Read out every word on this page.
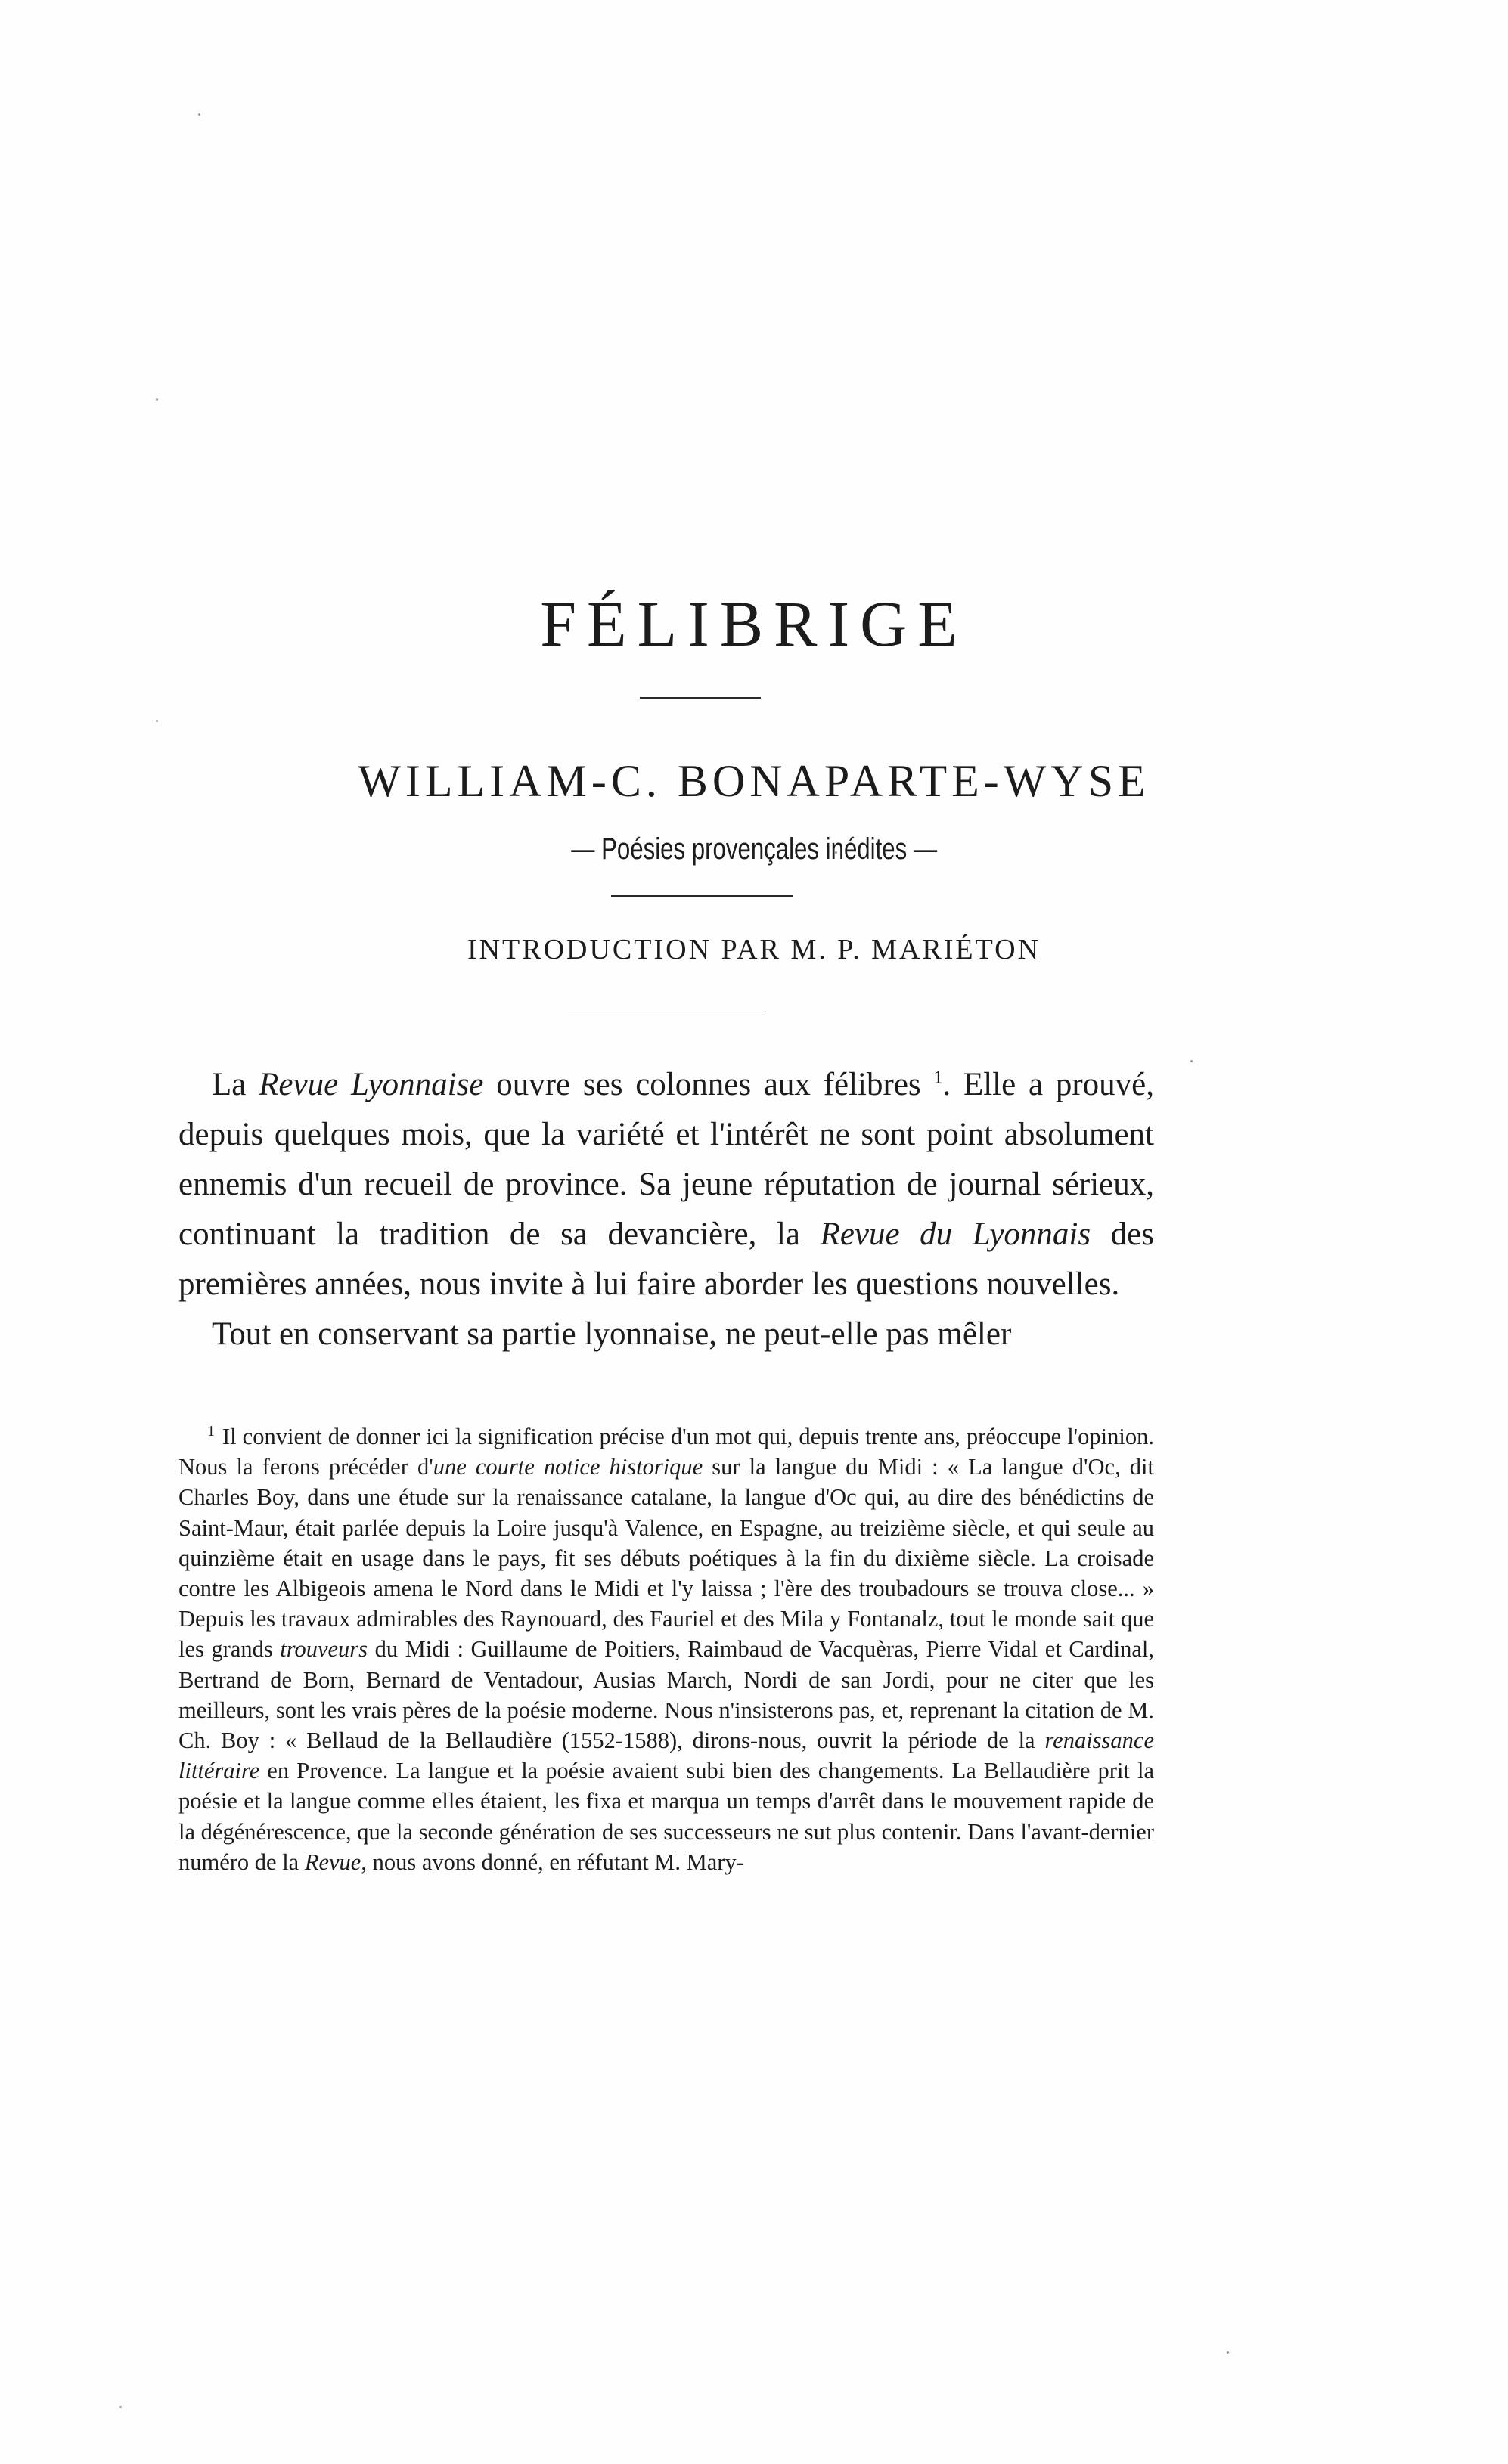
FÉLIBRIGE
WILLIAM-C. BONAPARTE-WYSE
— Poésies provençales inédites —
INTRODUCTION PAR M. P. MARIÉTON

La Revue Lyonnaise ouvre ses colonnes aux félibres $^1$. Elle a prouvé, depuis quelques mois, que la variété et l'intérêt ne sont point absolument ennemis d'un recueil de province. Sa jeune réputation de journal sérieux, continuant la tradition de sa devancière, la Revue du Lyonnais des premières années, nous invite à lui faire aborder les questions nouvelles.

Tout en conservant sa partie lyonnaise, ne peut-elle pas mêler

$^1$ Il convient de donner ici la signification précise d'un mot qui, depuis trente ans, préoccupe l'opinion. Nous la ferons précéder d'une courte notice historique sur la langue du Midi : « La langue d'Oc, dit Charles Boy, dans une étude sur la renaissance catalane, la langue d'Oc qui, au dire des bénédictins de Saint-Maur, était parlée depuis la Loire jusqu'à Valence, en Espagne, au treizième siècle, et qui seule au quinzième était en usage dans le pays, fit ses débuts poétiques à la fin du dixième siècle. La croisade contre les Albigeois amena le Nord dans le Midi et l'y laissa ; l'ère des troubadours se trouva close... » Depuis les travaux admirables des Raynouard, des Fauriel et des Mila y Fontanalz, tout le monde sait que les grands trouveurs du Midi : Guillaume de Poitiers, Raimbaud de Vacquèras, Pierre Vidal et Cardinal, Bertrand de Born, Bernard de Ventadour, Ausias March, Nordi de san Jordi, pour ne citer que les meilleurs, sont les vrais pères de la poésie moderne. Nous n'insisterons pas, et, reprenant la citation de M. Ch. Boy : « Bellaud de la Bellaudière (1552-1588), dirons-nous, ouvrit la période de la renaissance littéraire en Provence. La langue et la poésie avaient subi bien des changements. La Bellaudière prit la poésie et la langue comme elles étaient, les fixa et marqua un temps d'arrêt dans le mouvement rapide de la dégénérescence, que la seconde génération de ses successeurs ne sut plus contenir. Dans l'avant-dernier numéro de la Revue, nous avons donné, en réfutant M. Mary-
